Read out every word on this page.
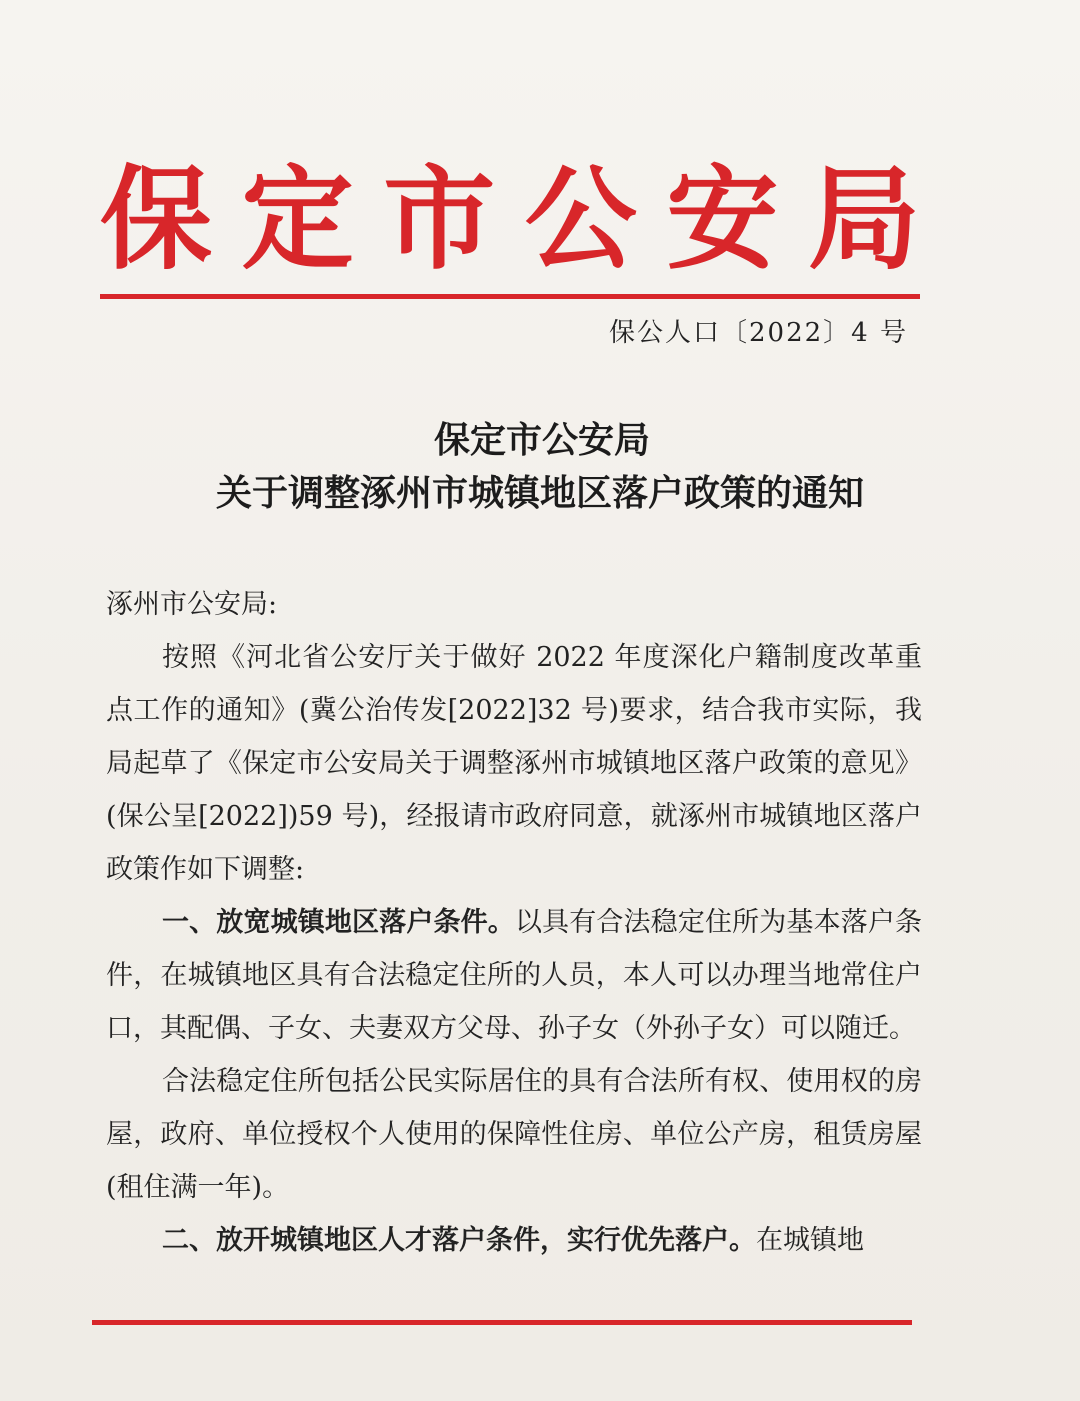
保 定 市 公 安 局
保公人口〔2022〕4 号
保定市公安局
关于调整涿州市城镇地区落户政策的通知

涿州市公安局:

按照《河北省公安厅关于做好 2022 年度深化户籍制度改革重点工作的通知》(冀公治传发[2022]32 号)要求，结合我市实际，我局起草了《保定市公安局关于调整涿州市城镇地区落户政策的意见》(保公呈[2022])59 号)，经报请市政府同意，就涿州市城镇地区落户政策作如下调整:

一、放宽城镇地区落户条件。以具有合法稳定住所为基本落户条件，在城镇地区具有合法稳定住所的人员，本人可以办理当地常住户口，其配偶、子女、夫妻双方父母、孙子女（外孙子女）可以随迁。

合法稳定住所包括公民实际居住的具有合法所有权、使用权的房屋，政府、单位授权个人使用的保障性住房、单位公产房，租赁房屋(租住满一年)。

二、放开城镇地区人才落户条件，实行优先落户。在城镇地
